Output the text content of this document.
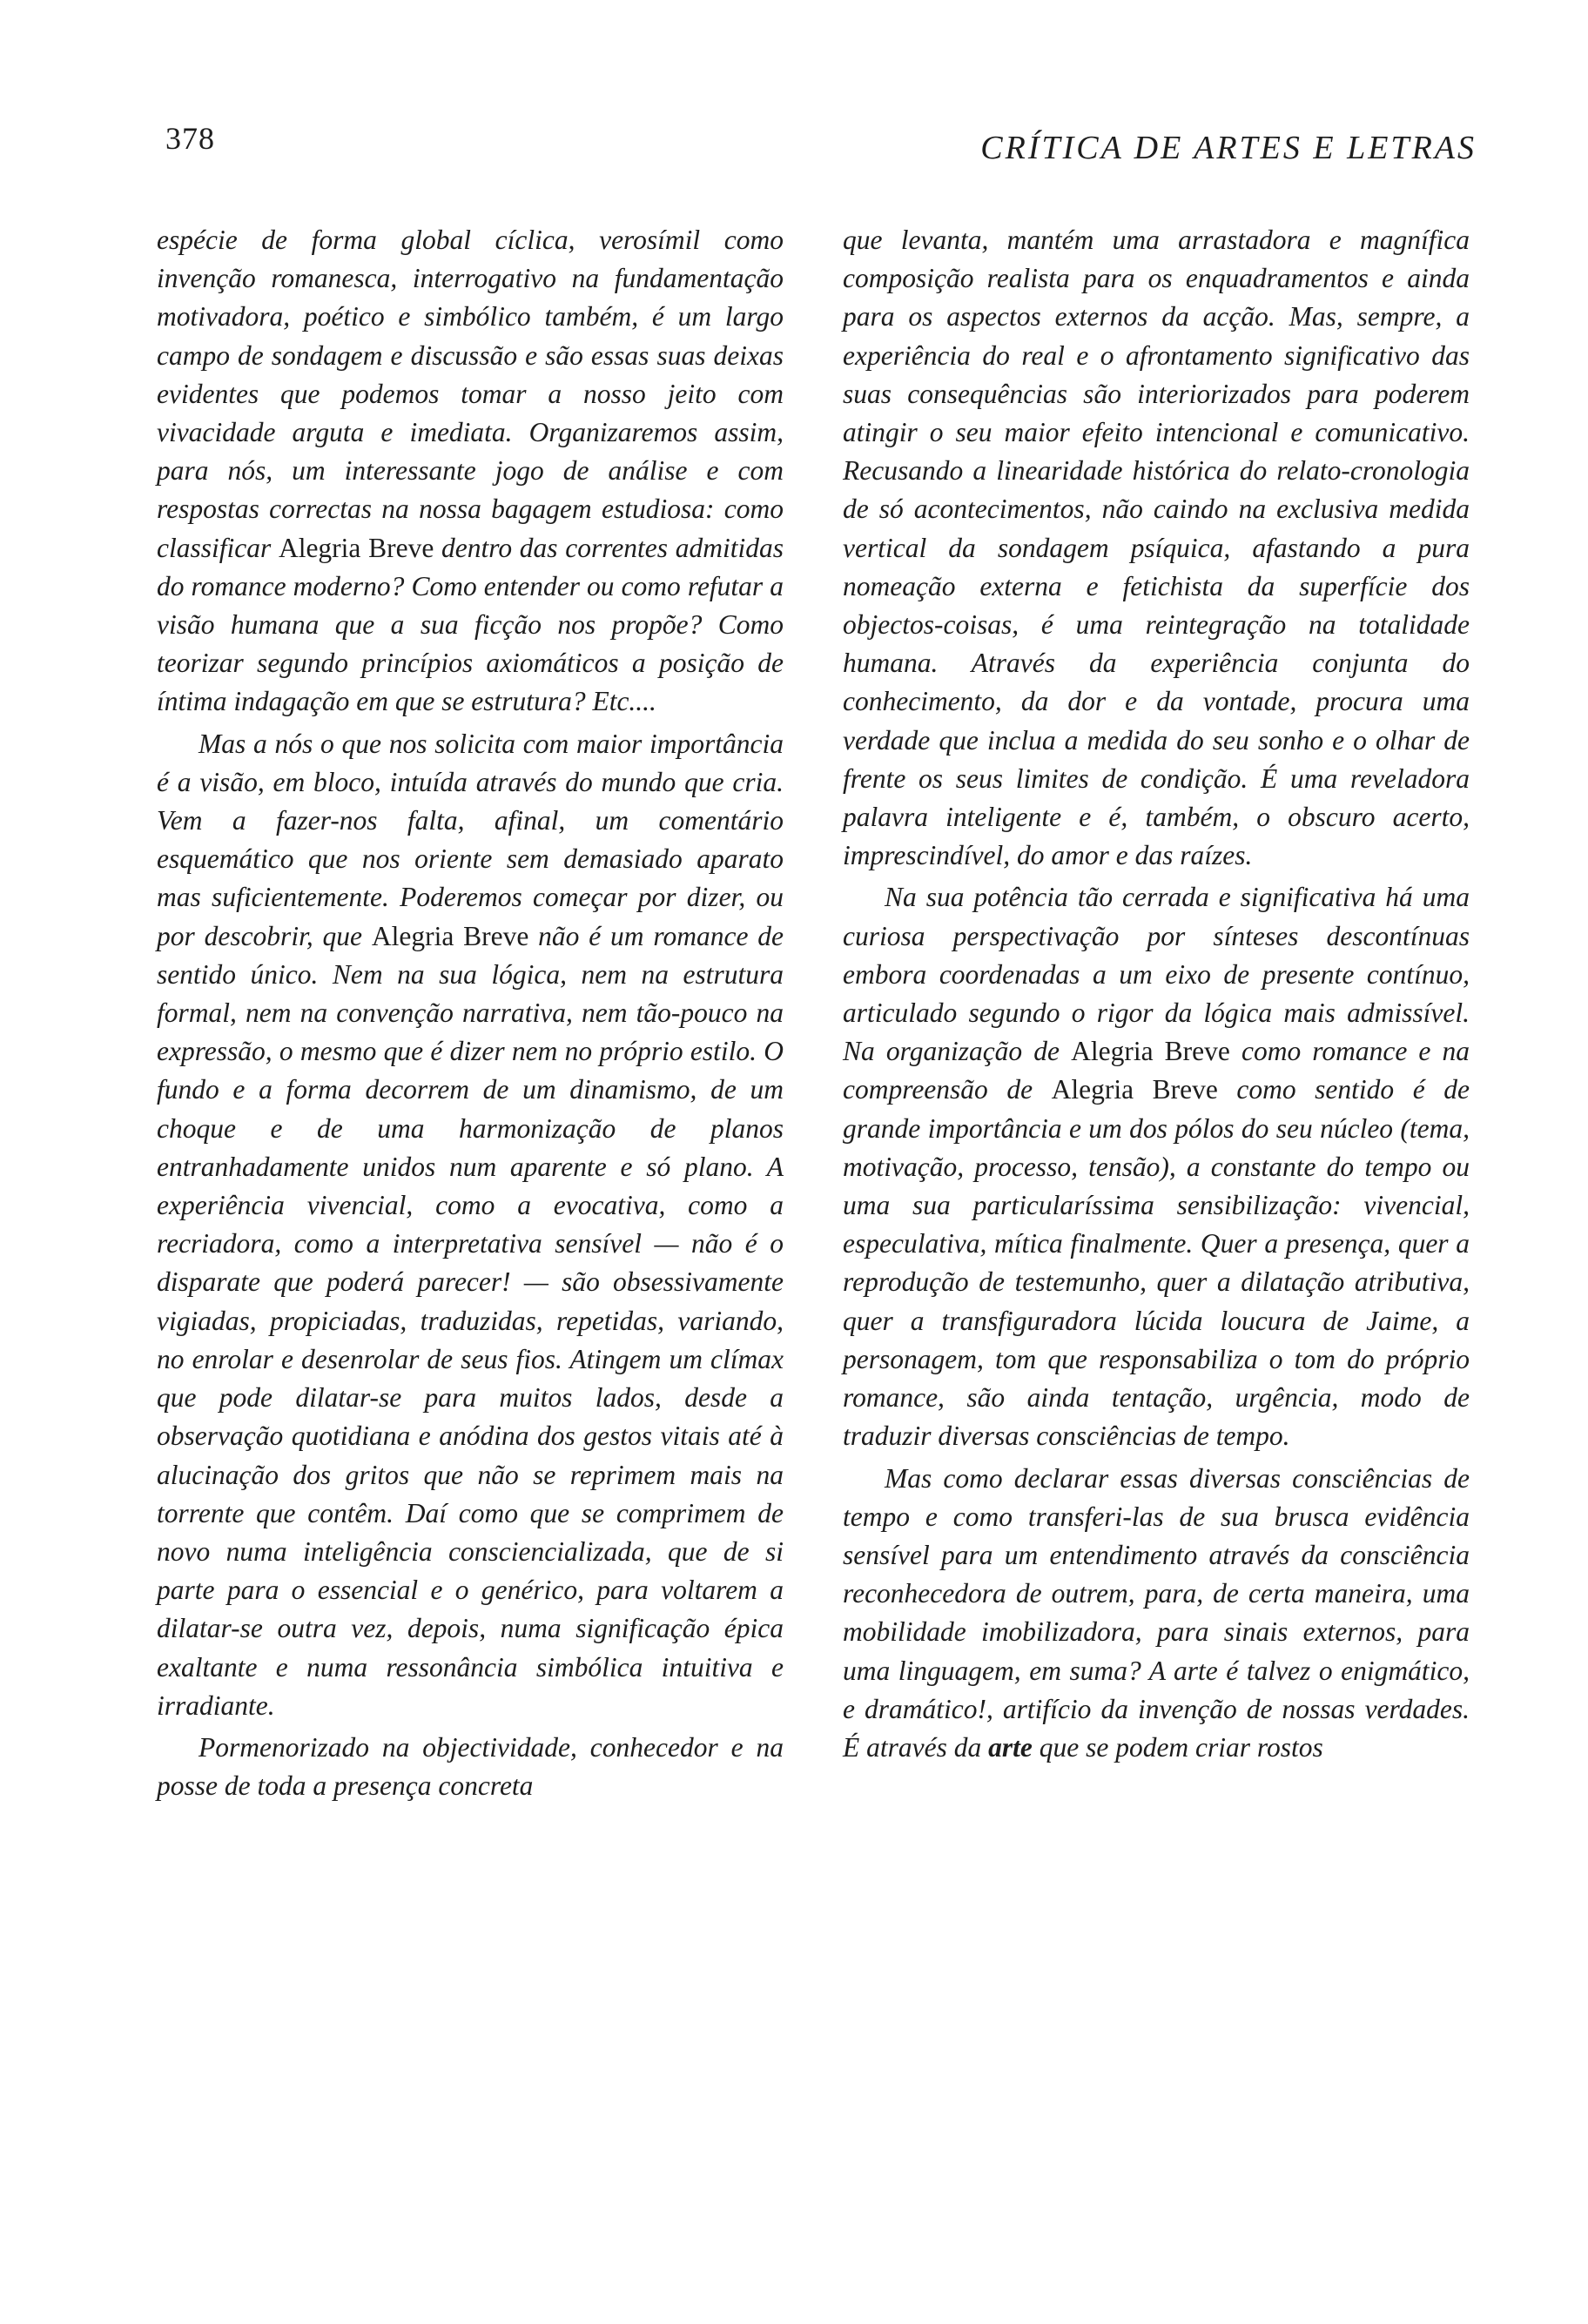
378	CRÍTICA DE ARTES E LETRAS

espécie de forma global cíclica, verosímil como invenção romanesca, interrogativo na fundamentação motivadora, poético e simbólico também, é um largo campo de sondagem e discussão e são essas suas deixas evidentes que podemos tomar a nosso jeito com vivacidade arguta e imediata. Organizaremos assim, para nós, um interessante jogo de análise e com respostas correctas na nossa bagagem estudiosa: como classificar Alegria Breve dentro das correntes admitidas do romance moderno? Como entender ou como refutar a visão humana que a sua ficção nos propõe? Como teorizar segundo princípios axiomáticos a posição de íntima indagação em que se estrutura? Etc....

Mas a nós o que nos solicita com maior importância é a visão, em bloco, intuída através do mundo que cria. Vem a fazer-nos falta, afinal, um comentário esquemático que nos oriente sem demasiado aparato mas suficientemente. Poderemos começar por dizer, ou por descobrir, que Alegria Breve não é um romance de sentido único. Nem na sua lógica, nem na estrutura formal, nem na convenção narrativa, nem tão-pouco na expressão, o mesmo que é dizer nem no próprio estilo. O fundo e a forma decorrem de um dinamismo, de um choque e de uma harmonização de planos entranhadamente unidos num aparente e só plano. A experiência vivencial, como a evocativa, como a recriadora, como a interpretativa sensível — não é o disparate que poderá parecer! — são obsessivamente vigiadas, propiciadas, traduzidas, repetidas, variando, no enrolar e desenrolar de seus fios. Atingem um clímax que pode dilatar-se para muitos lados, desde a observação quotidiana e anódina dos gestos vitais até à alucinação dos gritos que não se reprimem mais na torrente que contêm. Daí como que se comprimem de novo numa inteligência consciencializada, que de si parte para o essencial e o genérico, para voltarem a dilatar-se outra vez, depois, numa significação épica exaltante e numa ressonância simbólica intuitiva e irradiante.

Pormenorizado na objectividade, conhecedor e na posse de toda a presença concreta

que levanta, mantém uma arrastadora e magnífica composição realista para os enquadramentos e ainda para os aspectos externos da acção. Mas, sempre, a experiência do real e o afrontamento significativo das suas consequências são interiorizados para poderem atingir o seu maior efeito intencional e comunicativo. Recusando a linearidade histórica do relato-cronologia de só acontecimentos, não caindo na exclusiva medida vertical da sondagem psíquica, afastando a pura nomeação externa e fetichista da superfície dos objectos-coisas, é uma reintegração na totalidade humana. Através da experiência conjunta do conhecimento, da dor e da vontade, procura uma verdade que inclua a medida do seu sonho e o olhar de frente os seus limites de condição. É uma reveladora palavra inteligente e é, também, o obscuro acerto, imprescindível, do amor e das raízes.

Na sua potência tão cerrada e significativa há uma curiosa perspectivação por sínteses descontínuas embora coordenadas a um eixo de presente contínuo, articulado segundo o rigor da lógica mais admissível. Na organização de Alegria Breve como romance e na compreensão de Alegria Breve como sentido é de grande importância e um dos pólos do seu núcleo (tema, motivação, processo, tensão), a constante do tempo ou uma sua particularíssima sensibilização: vivencial, especulativa, mítica finalmente. Quer a presença, quer a reprodução de testemunho, quer a dilatação atributiva, quer a transfiguradora lúcida loucura de Jaime, a personagem, tom que responsabiliza o tom do próprio romance, são ainda tentação, urgência, modo de traduzir diversas consciências de tempo.

Mas como declarar essas diversas consciências de tempo e como transferi-las de sua brusca evidência sensível para um entendimento através da consciência reconhecedora de outrem, para, de certa maneira, uma mobilidade imobilizadora, para sinais externos, para uma linguagem, em suma? A arte é talvez o enigmático, e dramático!, artifício da invenção de nossas verdades. É através da arte que se podem criar rostos
